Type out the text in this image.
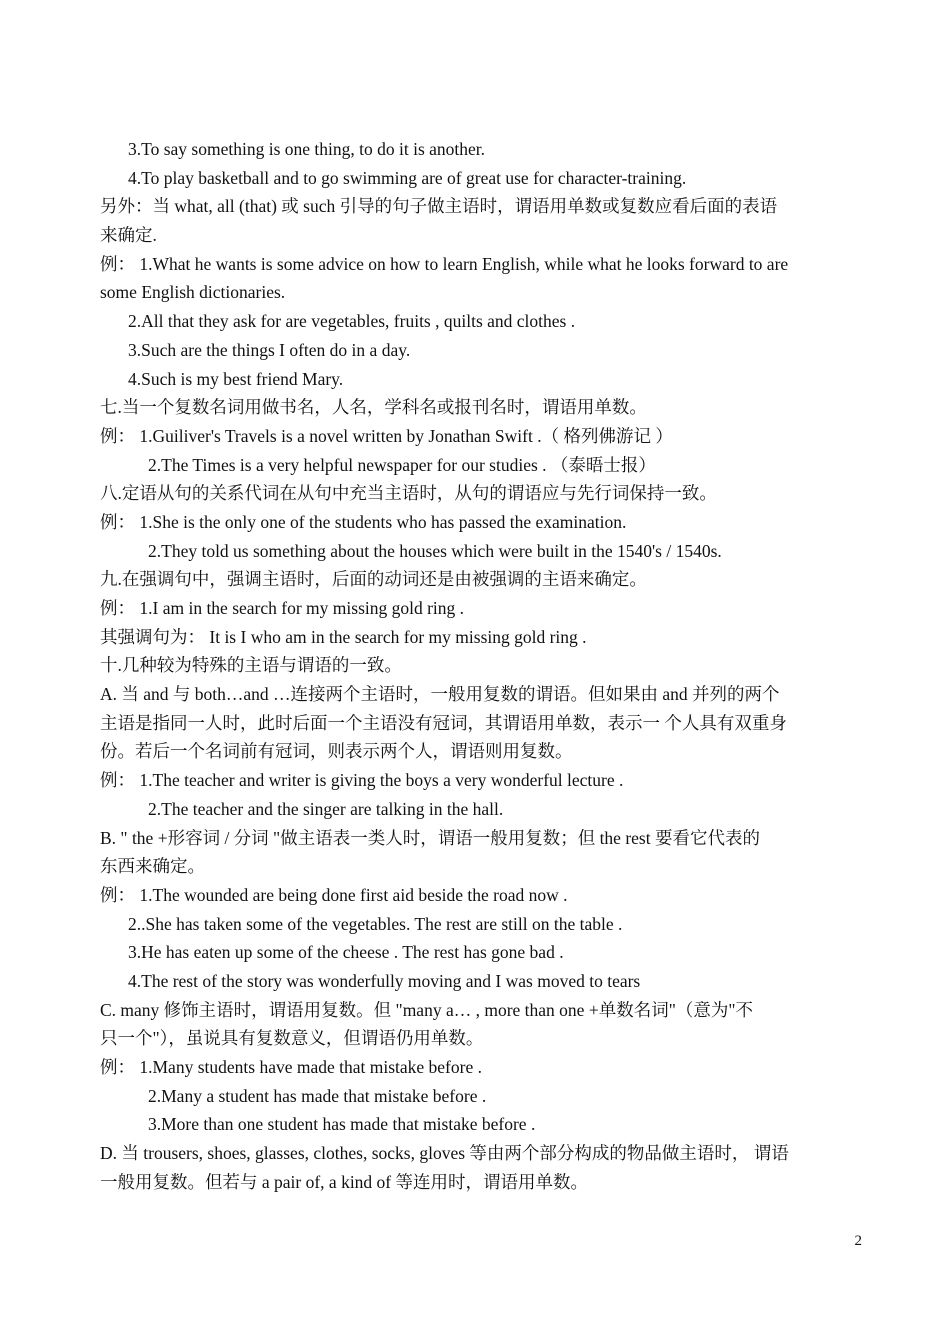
3.To say something is one thing, to do it is another.
4.To play basketball and to go swimming are of great use for character-training.
另外：当 what, all (that) 或 such 引导的句子做主语时，谓语用单数或复数应看后面的表语
来确定.
例： 1.What he wants is some advice on how to learn English, while what he looks forward to are
some English dictionaries.
2.All that they ask for are vegetables, fruits , quilts and clothes .
3.Such are the things I often do in a day.
4.Such is my best friend Mary.
七.当一个复数名词用做书名，人名，学科名或报刊名时，谓语用单数。
例： 1.Guiliver's Travels is a novel written by Jonathan Swift .（ 格列佛游记 ）
2.The Times is a very helpful newspaper for our studies . （泰晤士报）
八.定语从句的关系代词在从句中充当主语时，从句的谓语应与先行词保持一致。
例： 1.She is the only one of the students who has passed the examination.
2.They told us something about the houses which were built in the 1540's / 1540s.
九.在强调句中，强调主语时，后面的动词还是由被强调的主语来确定。
例： 1.I am in the search for my missing gold ring .
其强调句为： It is I who am in the search for my missing gold ring .
十.几种较为特殊的主语与谓语的一致。
A. 当 and 与 both…and …连接两个主语时，一般用复数的谓语。但如果由 and 并列的两个
主语是指同一人时，此时后面一个主语没有冠词，其谓语用单数，表示一 个人具有双重身
份。若后一个名词前有冠词，则表示两个人，谓语则用复数。
例： 1.The teacher and writer is giving the boys a very wonderful lecture .
2.The teacher and the singer are talking in the hall.
B. " the +形容词 / 分词 "做主语表一类人时，谓语一般用复数；但 the rest 要看它代表的
东西来确定。
例： 1.The wounded are being done first aid beside the road now .
2..She has taken some of the vegetables. The rest are still on the table .
3.He has eaten up some of the cheese . The rest has gone bad .
4.The rest of the story was wonderfully moving and I was moved to tears
C. many 修饰主语时，谓语用复数。但 "many a… , more than one +单数名词"（意为"不
只一个"），虽说具有复数意义，但谓语仍用单数。
例： 1.Many students have made that mistake before .
2.Many a student has made that mistake before .
3.More than one student has made that mistake before .
D. 当 trousers, shoes, glasses, clothes, socks, gloves 等由两个部分构成的物品做主语时， 谓语
一般用复数。但若与 a pair of, a kind of 等连用时，谓语用单数。
2
